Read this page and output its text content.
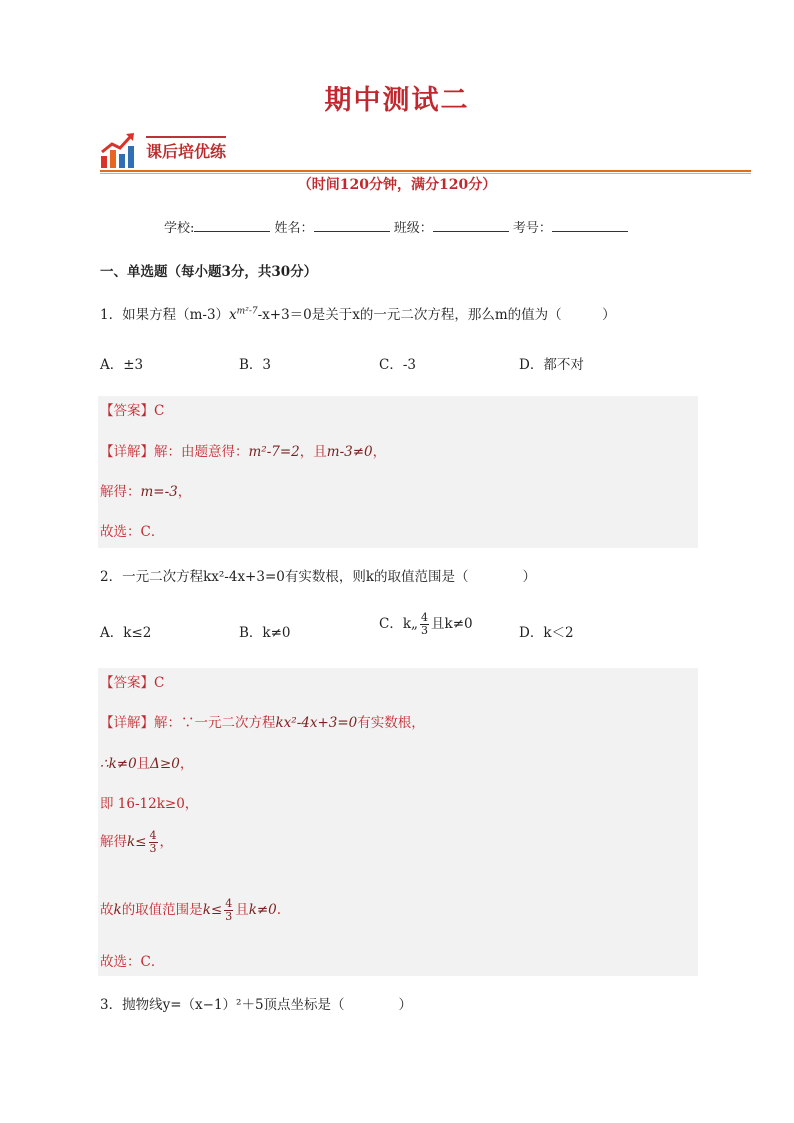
期中测试二
课后培优练
（时间120分钟，满分120分）
学校:	姓名：	班级：	考号：
一、单选题（每小题3分，共30分）
1．如果方程$(m-3)x^{m^2-7}-x+3=0$是关于x的一元二次方程，那么m的值为（　　　）
A．±3	B．3	C．-3	D．都不对
【答案】C
【详解】解：由题意得：m²-7=2，且m-3≠0，
解得：m=-3，
故选：C．
2．一元二次方程kx²-4x+3=0有实数根，则k的取值范围是（　　　　）
A．k≤2	B．k≠0
C．k„ $\frac{4}{3}$ 且k≠0
D．k＜2
【答案】C
【详解】解：∵一元二次方程kx²-4x+3=0有实数根，
∴k≠0且Δ≥0，
即 16-12k≥0，
解得$k\le \frac{4}{3}$ ，
故k的取值范围是$k\le \frac{4}{3}$ 且k≠0.
故选：C．
3．抛物线y=（x−1）²＋5顶点坐标是（　　　　）
